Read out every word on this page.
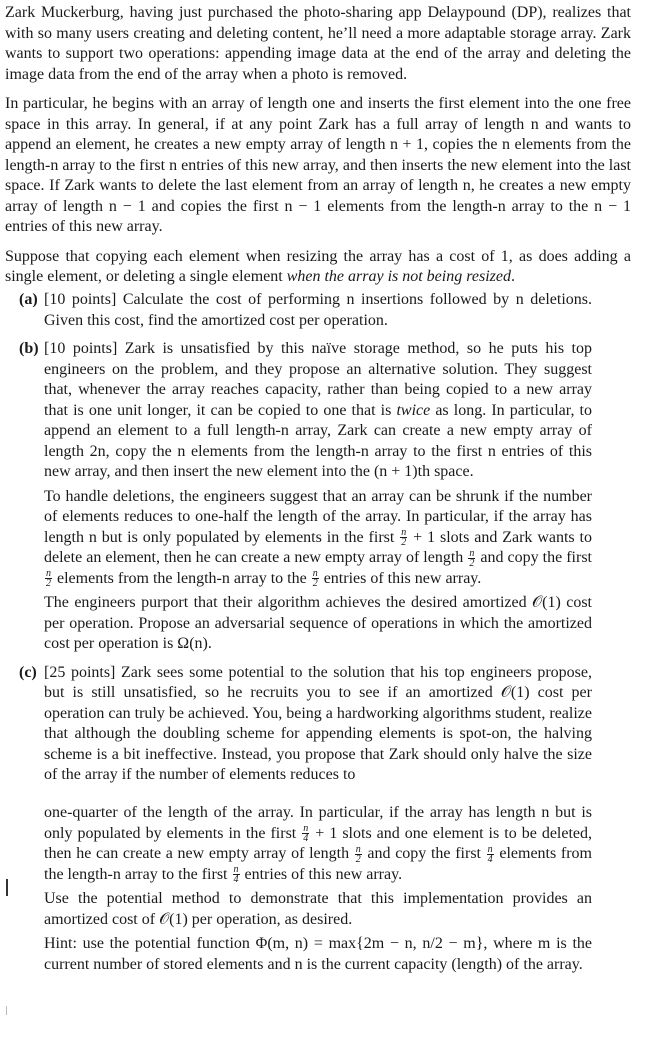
Zark Muckerburg, having just purchased the photo-sharing app Delaypound (DP), realizes that with so many users creating and deleting content, he’ll need a more adaptable storage array. Zark wants to support two operations: appending image data at the end of the array and deleting the image data from the end of the array when a photo is removed.

In particular, he begins with an array of length one and inserts the first element into the one free space in this array. In general, if at any point Zark has a full array of length n and wants to append an element, he creates a new empty array of length n + 1, copies the n elements from the length-n array to the first n entries of this new array, and then inserts the new element into the last space. If Zark wants to delete the last element from an array of length n, he creates a new empty array of length n − 1 and copies the first n − 1 elements from the length-n array to the n − 1 entries of this new array.

Suppose that copying each element when resizing the array has a cost of 1, as does adding a single element, or deleting a single element when the array is not being resized.

(a) [10 points] Calculate the cost of performing n insertions followed by n deletions. Given this cost, find the amortized cost per operation.

(b) [10 points] Zark is unsatisfied by this naïve storage method, so he puts his top engineers on the problem, and they propose an alternative solution. They suggest that, whenever the array reaches capacity, rather than being copied to a new array that is one unit longer, it can be copied to one that is twice as long. In particular, to append an element to a full length-n array, Zark can create a new empty array of length 2n, copy the n elements from the length-n array to the first n entries of this new array, and then insert the new element into the (n + 1)th space.

To handle deletions, the engineers suggest that an array can be shrunk if the number of elements reduces to one-half the length of the array. In particular, if the array has length n but is only populated by elements in the first $\frac{n}{2} + 1$ slots and Zark wants to delete an element, then he can create a new empty array of length $\frac{n}{2}$ and copy the first
$\frac{n}{2}$ elements from the length-n array to the $\frac{n}{2}$ entries of this new array.

The engineers purport that their algorithm achieves the desired amortized 𝒪(1) cost per operation. Propose an adversarial sequence of operations in which the amortized cost per operation is Ω(n).

(c) [25 points] Zark sees some potential to the solution that his top engineers propose, but is still unsatisfied, so he recruits you to see if an amortized 𝒪(1) cost per operation can truly be achieved. You, being a hardworking algorithms student, realize that although the doubling scheme for appending elements is spot-on, the halving scheme is a bit ineffective. Instead, you propose that Zark should only halve the size of the array if the number of elements reduces to

one-quarter of the length of the array. In particular, if the array has length n but is only populated by elements in the first $\frac{n}{4} + 1$ slots and one element is to be deleted, then he can create a new empty array of length $\frac{n}{2}$ and copy the first $\frac{n}{4}$ elements from the length-n array to the first $\frac{n}{4}$ entries of this new array.

Use the potential method to demonstrate that this implementation provides an amortized cost of 𝒪(1) per operation, as desired.

Hint: use the potential function Φ(m, n) = max{2m − n, n/2 − m}, where m is the current number of stored elements and n is the current capacity (length) of the array.
